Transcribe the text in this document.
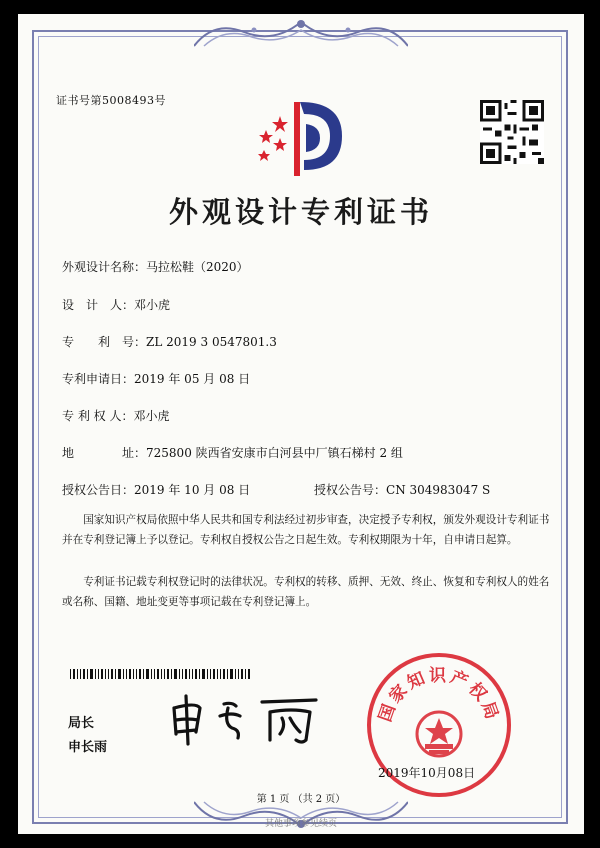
证书号第5008493号
外观设计专利证书
外观设计名称：马拉松鞋（2020）
设　计　人：邓小虎
专　　利　号：ZL 2019 3 0547801.3
专利申请日：2019 年 05 月 08 日
专 利 权 人：邓小虎
地　　　　址：725800 陕西省安康市白河县中厂镇石梯村 2 组
授权公告日：2019 年 10 月 08 日	授权公告号：CN 304983047 S
国家知识产权局依照中华人民共和国专利法经过初步审查，决定授予专利权，颁发外观设计专利证书并在专利登记簿上予以登记。专利权自授权公告之日起生效。专利权期限为十年，自申请日起算。
专利证书记载专利权登记时的法律状况。专利权的转移、质押、无效、终止、恢复和专利权人的姓名或名称、国籍、地址变更等事项记载在专利登记簿上。
局长
申长雨
国家知识产权局
2019年10月08日
第 1 页 （共 2 页）
其他事项参见续页
